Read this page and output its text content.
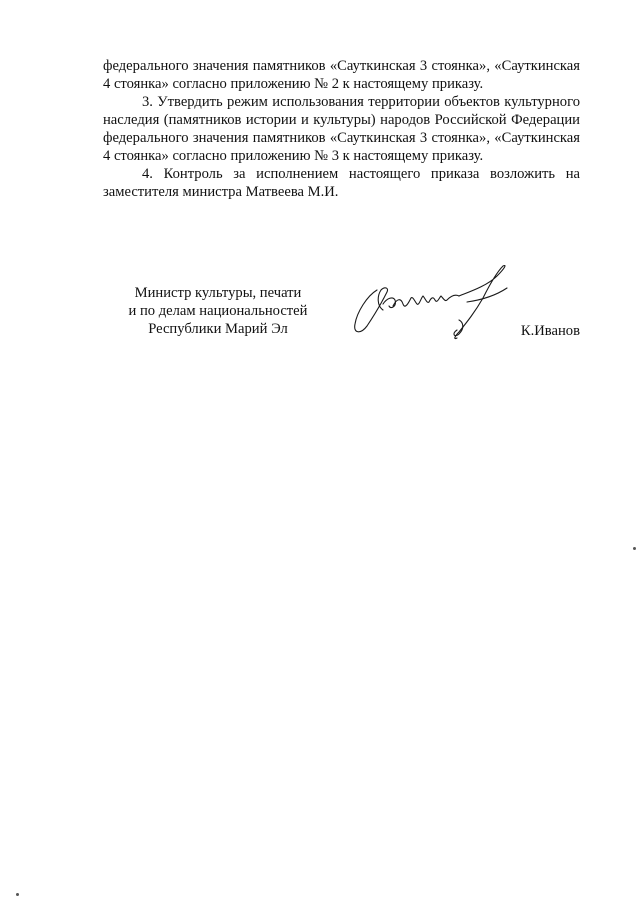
федерального значения памятников «Сауткинская 3 стоянка», «Сауткинская 4 стоянка» согласно приложению № 2 к настоящему приказу.

3. Утвердить режим использования территории объектов культурного наследия (памятников истории и культуры) народов Российской Федерации федерального значения памятников «Сауткинская 3 стоянка», «Сауткинская 4 стоянка» согласно приложению № 3 к настоящему приказу.

4. Контроль за исполнением настоящего приказа возложить на заместителя министра Матвеева М.И.

Министр культуры, печати
и по делам национальностей
Республики Марий Эл	К.Иванов
